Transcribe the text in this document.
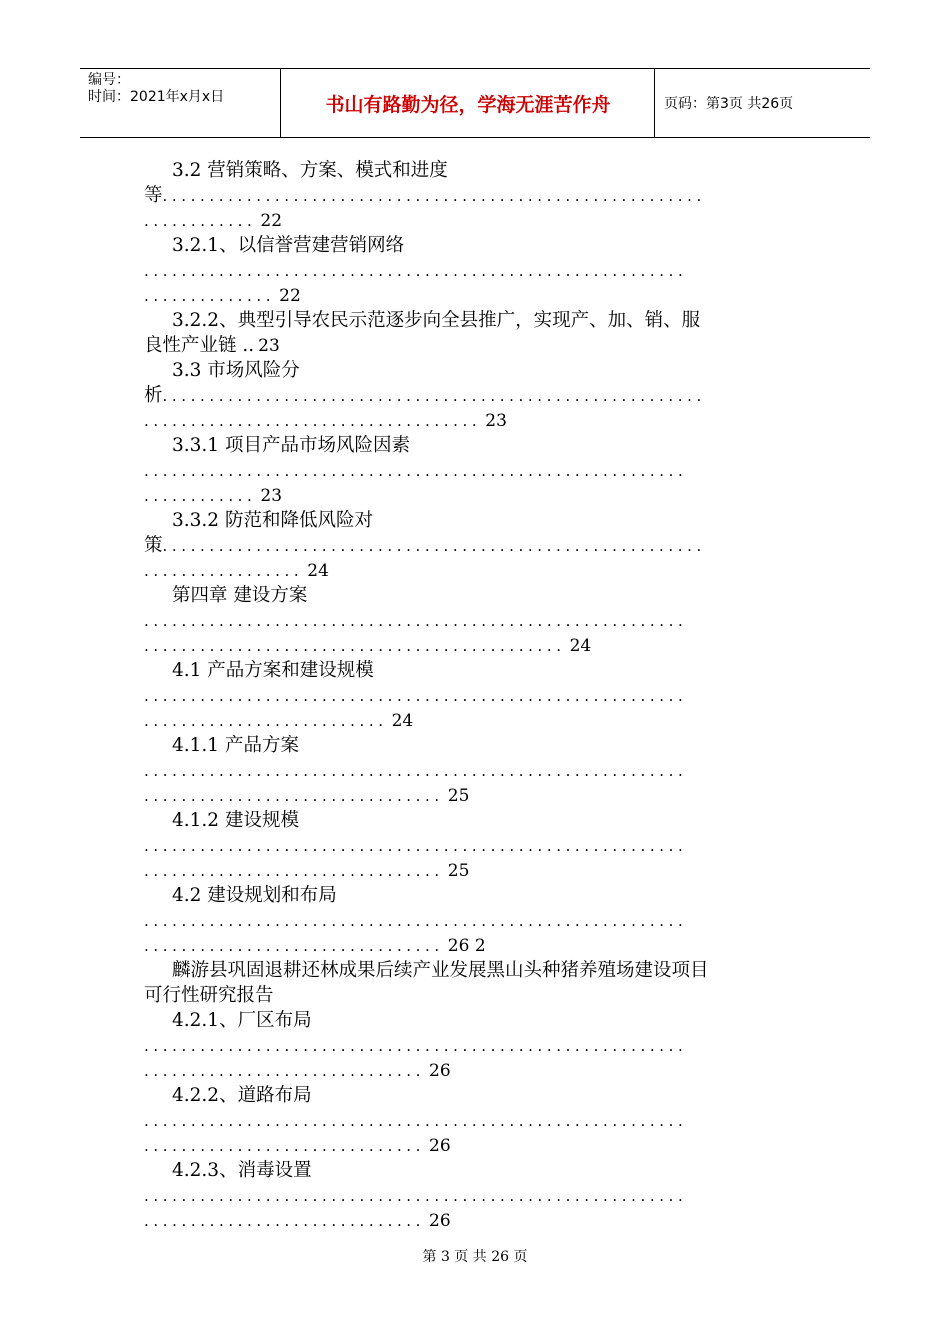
编号：
时间：2021年x月x日	书山有路勤为径，学海无涯苦作舟	页码：第3页 共26页
3.2 营销策略、方案、模式和进度
等..........................................................
............ 22
3.2.1、以信誉营建营销网络
..........................................................
.............. 22
3.2.2、典型引导农民示范逐步向全县推广，实现产、加、销、服
良性产业链 .. 23
3.3 市场风险分
析..........................................................
.................................... 23
3.3.1 项目产品市场风险因素
..........................................................
............ 23
3.3.2 防范和降低风险对
策..........................................................
................. 24
第四章 建设方案
..........................................................
............................................. 24
4.1 产品方案和建设规模
..........................................................
.......................... 24
4.1.1 产品方案
..........................................................
................................ 25
4.1.2 建设规模
..........................................................
................................ 25
4.2 建设规划和布局
..........................................................
................................ 26 2
麟游县巩固退耕还林成果后续产业发展黑山头种猪养殖场建设项目
可行性研究报告
4.2.1、厂区布局
..........................................................
.............................. 26
4.2.2、道路布局
..........................................................
.............................. 26
4.2.3、消毒设置
..........................................................
.............................. 26
第 3 页 共 26 页
